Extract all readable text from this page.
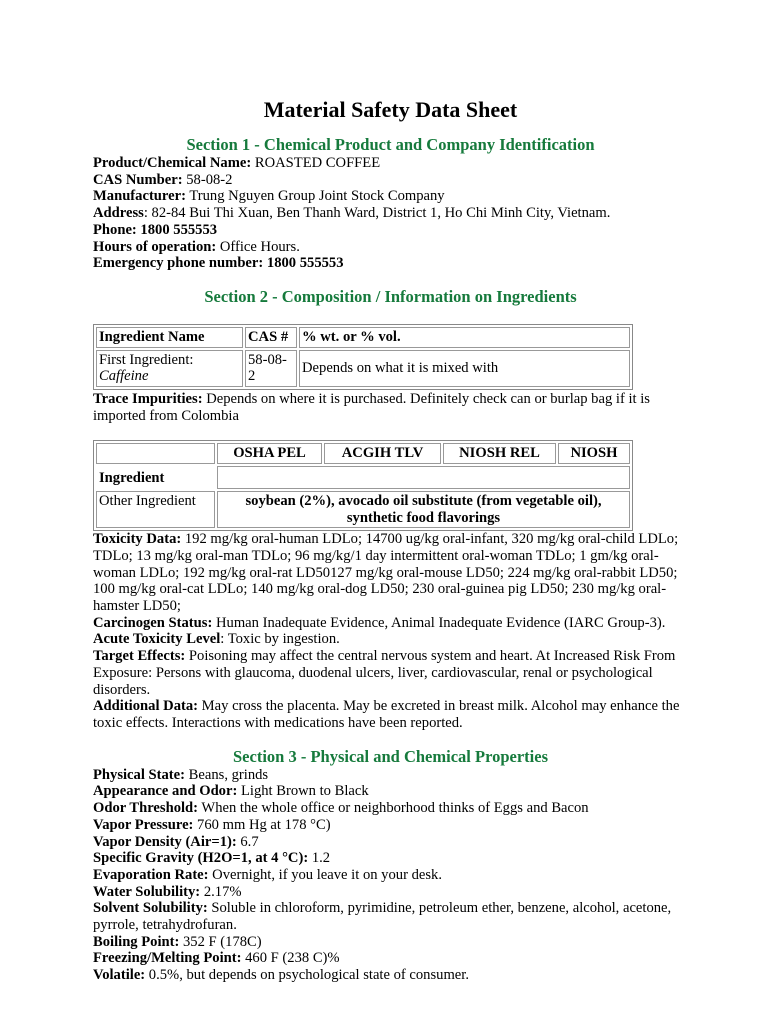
Material Safety Data Sheet
Section 1 - Chemical Product and Company Identification
Product/Chemical Name: ROASTED COFFEE
CAS Number: 58-08-2
Manufacturer: Trung Nguyen Group Joint Stock Company
Address: 82-84 Bui Thi Xuan, Ben Thanh Ward, District 1, Ho Chi Minh City, Vietnam.
Phone: 1800 555553
Hours of operation: Office Hours.
Emergency phone number: 1800 555553
Section 2 - Composition / Information on Ingredients
Ingredient Name	CAS #	% wt. or % vol.
First Ingredient:
Caffeine	58-08-2	Depends on what it is mixed with
Trace Impurities: Depends on where it is purchased. Definitely check can or burlap bag if it is imported from Colombia
	OSHA PEL	ACGIH TLV	NIOSH REL	NIOSH
Ingredient				
Other Ingredient	soybean (2%), avocado oil substitute (from vegetable oil), synthetic food flavorings			
Toxicity Data: 192 mg/kg oral-human LDLo; 14700 ug/kg oral-infant, 320 mg/kg oral-child LDLo; TDLo; 13 mg/kg oral-man TDLo; 96 mg/kg/1 day intermittent oral-woman TDLo; 1 gm/kg oral-woman LDLo; 192 mg/kg oral-rat LD50127 mg/kg oral-mouse LD50; 224 mg/kg oral-rabbit LD50; 100 mg/kg oral-cat LDLo; 140 mg/kg oral-dog LD50; 230 oral-guinea pig LD50; 230 mg/kg oral-hamster LD50;
Carcinogen Status: Human Inadequate Evidence, Animal Inadequate Evidence (IARC Group-3).
Acute Toxicity Level: Toxic by ingestion.
Target Effects: Poisoning may affect the central nervous system and heart. At Increased Risk From Exposure: Persons with glaucoma, duodenal ulcers, liver, cardiovascular, renal or psychological disorders.
Additional Data: May cross the placenta. May be excreted in breast milk. Alcohol may enhance the toxic effects. Interactions with medications have been reported.
Section 3 - Physical and Chemical Properties
Physical State: Beans, grinds
Appearance and Odor: Light Brown to Black
Odor Threshold: When the whole office or neighborhood thinks of Eggs and Bacon
Vapor Pressure: 760 mm Hg at 178 °C)
Vapor Density (Air=1): 6.7
Specific Gravity (H2O=1, at 4 °C): 1.2
Evaporation Rate: Overnight, if you leave it on your desk.
Water Solubility: 2.17%
Solvent Solubility: Soluble in chloroform, pyrimidine, petroleum ether, benzene, alcohol, acetone, pyrrole, tetrahydrofuran.
Boiling Point: 352 F (178C)
Freezing/Melting Point: 460 F (238 C)%
Volatile: 0.5%, but depends on psychological state of consumer.
